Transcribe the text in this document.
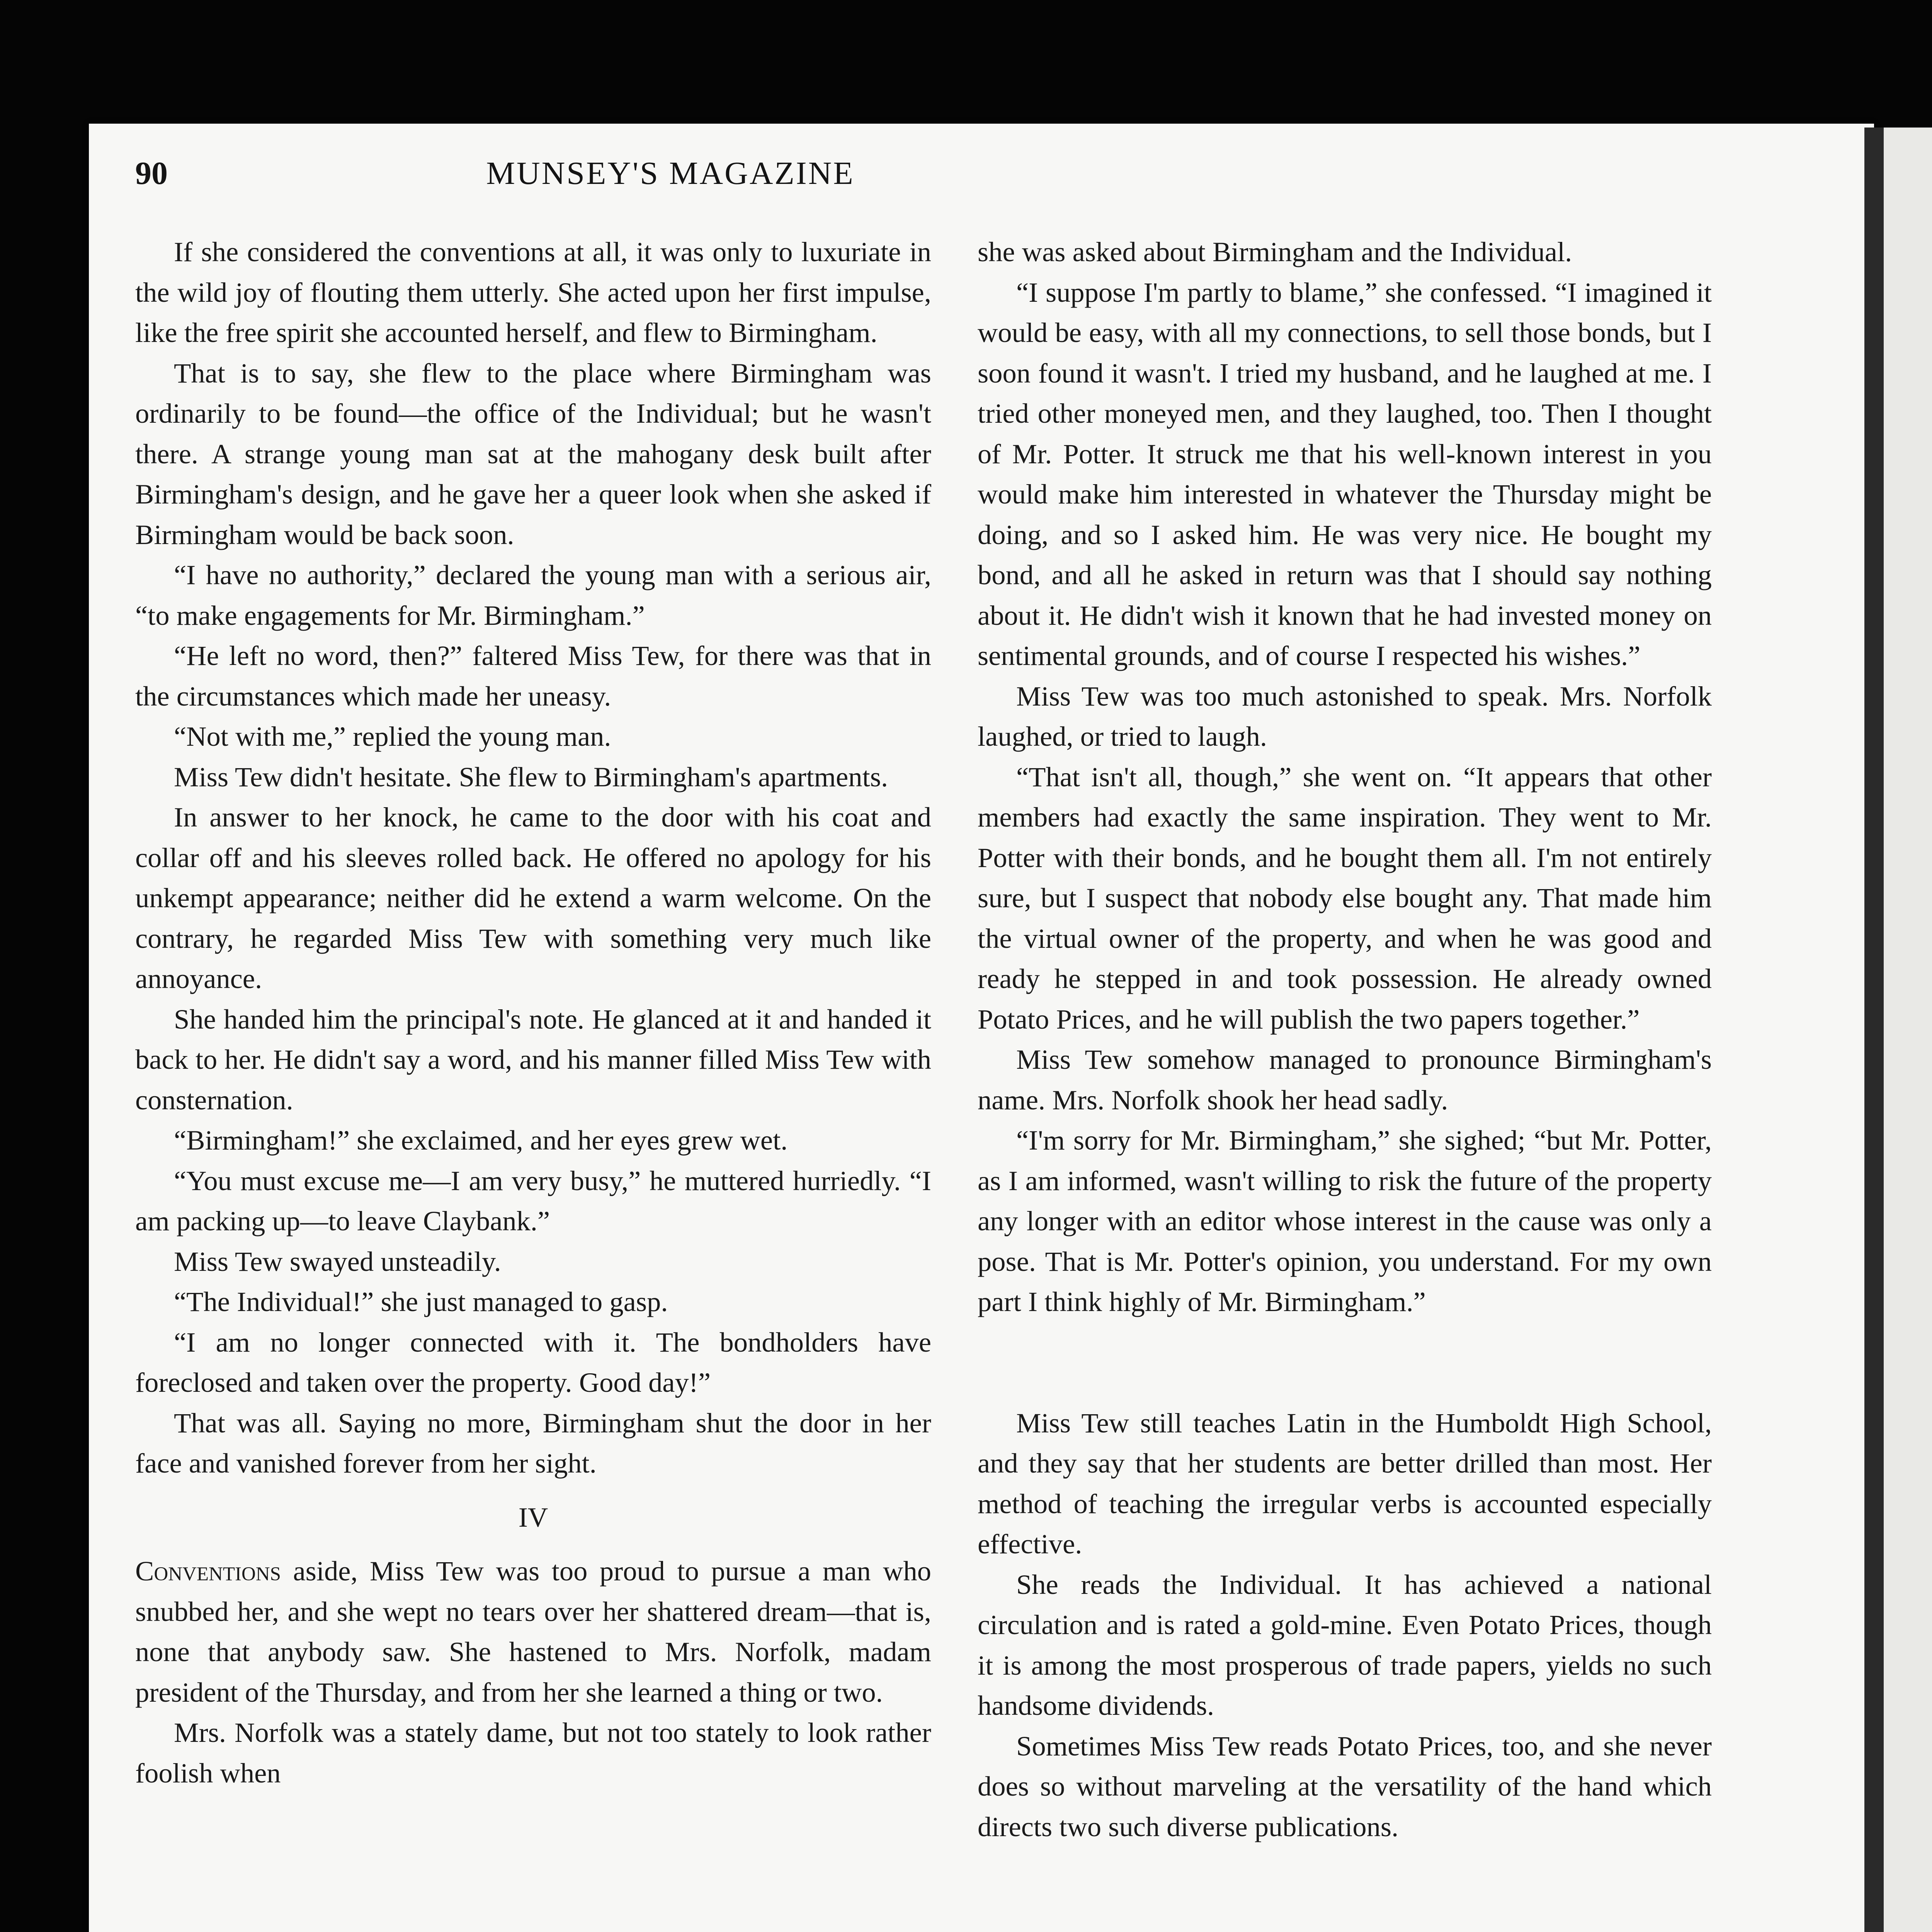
90	MUNSEY'S MAGAZINE

If she considered the conventions at all, it was only to luxuriate in the wild joy of flouting them utterly. She acted upon her first impulse, like the free spirit she accounted herself, and flew to Birmingham.

That is to say, she flew to the place where Birmingham was ordinarily to be found—the office of the Individual; but he wasn't there. A strange young man sat at the mahogany desk built after Birmingham's design, and he gave her a queer look when she asked if Birmingham would be back soon.

“I have no authority,” declared the young man with a serious air, “to make engagements for Mr. Birmingham.”

“He left no word, then?” faltered Miss Tew, for there was that in the circumstances which made her uneasy.

“Not with me,” replied the young man.

Miss Tew didn't hesitate. She flew to Birmingham's apartments.

In answer to her knock, he came to the door with his coat and collar off and his sleeves rolled back. He offered no apology for his unkempt appearance; neither did he extend a warm welcome. On the contrary, he regarded Miss Tew with something very much like annoyance.

She handed him the principal's note. He glanced at it and handed it back to her. He didn't say a word, and his manner filled Miss Tew with consternation.

“Birmingham!” she exclaimed, and her eyes grew wet.

“You must excuse me—I am very busy,” he muttered hurriedly. “I am packing up—to leave Claybank.”

Miss Tew swayed unsteadily.

“The Individual!” she just managed to gasp.

“I am no longer connected with it. The bondholders have foreclosed and taken over the property. Good day!”

That was all. Saying no more, Birmingham shut the door in her face and vanished forever from her sight.

IV

Conventions aside, Miss Tew was too proud to pursue a man who snubbed her, and she wept no tears over her shattered dream—that is, none that anybody saw. She hastened to Mrs. Norfolk, madam president of the Thursday, and from her she learned a thing or two.

Mrs. Norfolk was a stately dame, but not too stately to look rather foolish when

she was asked about Birmingham and the Individual.

“I suppose I'm partly to blame,” she confessed. “I imagined it would be easy, with all my connections, to sell those bonds, but I soon found it wasn't. I tried my husband, and he laughed at me. I tried other moneyed men, and they laughed, too. Then I thought of Mr. Potter. It struck me that his well-known interest in you would make him interested in whatever the Thursday might be doing, and so I asked him. He was very nice. He bought my bond, and all he asked in return was that I should say nothing about it. He didn't wish it known that he had invested money on sentimental grounds, and of course I respected his wishes.”

Miss Tew was too much astonished to speak. Mrs. Norfolk laughed, or tried to laugh.

“That isn't all, though,” she went on. “It appears that other members had exactly the same inspiration. They went to Mr. Potter with their bonds, and he bought them all. I'm not entirely sure, but I suspect that nobody else bought any. That made him the virtual owner of the property, and when he was good and ready he stepped in and took possession. He already owned Potato Prices, and he will publish the two papers together.”

Miss Tew somehow managed to pronounce Birmingham's name. Mrs. Norfolk shook her head sadly.

“I'm sorry for Mr. Birmingham,” she sighed; “but Mr. Potter, as I am informed, wasn't willing to risk the future of the property any longer with an editor whose interest in the cause was only a pose. That is Mr. Potter's opinion, you understand. For my own part I think highly of Mr. Birmingham.”

Miss Tew still teaches Latin in the Humboldt High School, and they say that her students are better drilled than most. Her method of teaching the irregular verbs is accounted especially effective.

She reads the Individual. It has achieved a national circulation and is rated a gold-mine. Even Potato Prices, though it is among the most prosperous of trade papers, yields no such handsome dividends.

Sometimes Miss Tew reads Potato Prices, too, and she never does so without marveling at the versatility of the hand which directs two such diverse publications.
